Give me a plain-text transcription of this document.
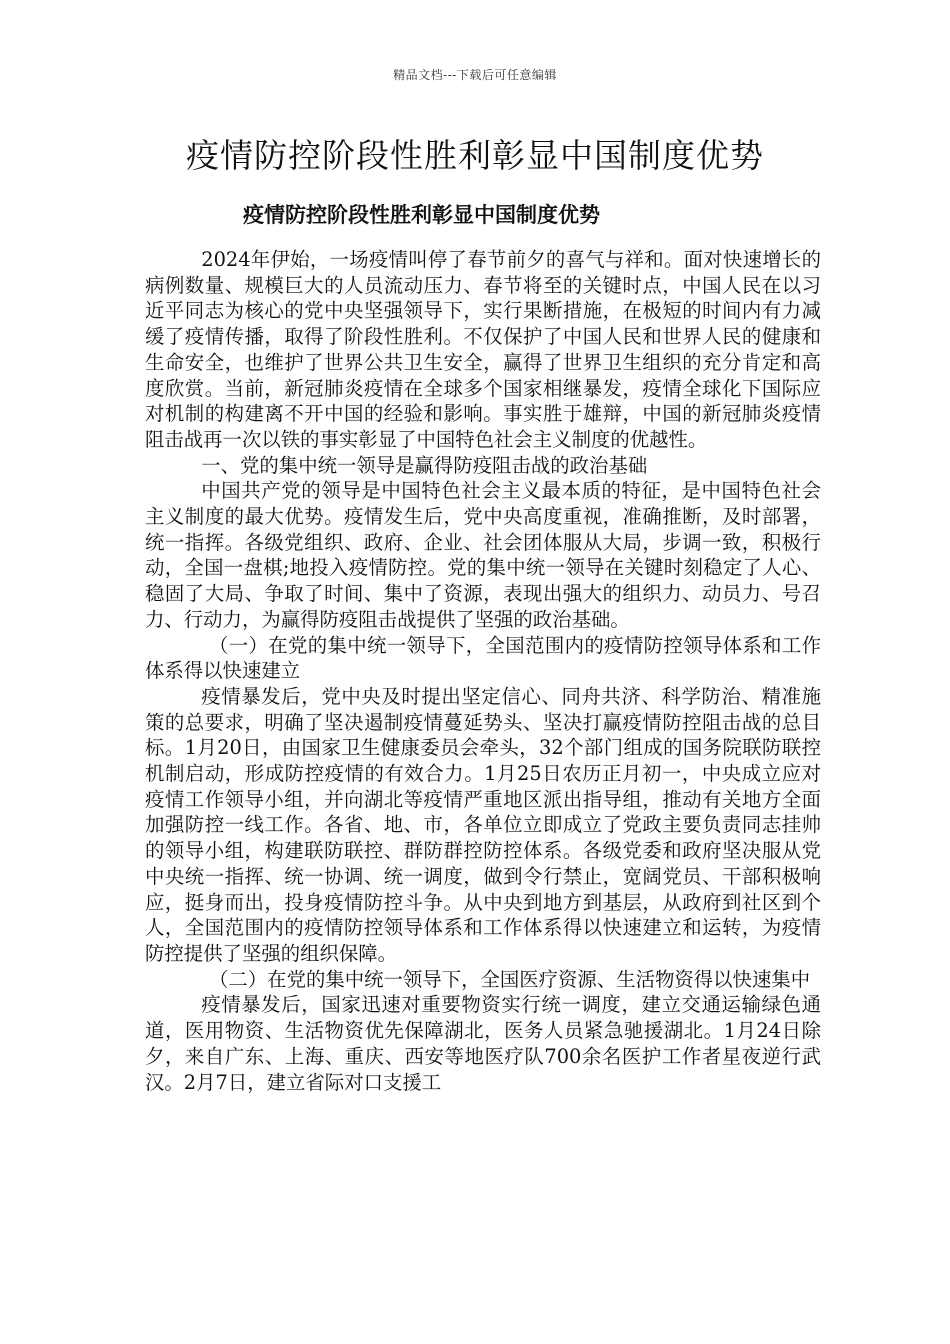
精品文档---下载后可任意编辑
疫情防控阶段性胜利彰显中国制度优势
疫情防控阶段性胜利彰显中国制度优势

2024年伊始，一场疫情叫停了春节前夕的喜气与祥和。面对快速增长的病例数量、规模巨大的人员流动压力、春节将至的关键时点，中国人民在以习近平同志为核心的党中央坚强领导下，实行果断措施，在极短的时间内有力减缓了疫情传播，取得了阶段性胜利。不仅保护了中国人民和世界人民的健康和生命安全，也维护了世界公共卫生安全，赢得了世界卫生组织的充分肯定和高度欣赏。当前，新冠肺炎疫情在全球多个国家相继暴发，疫情全球化下国际应对机制的构建离不开中国的经验和影响。事实胜于雄辩，中国的新冠肺炎疫情阻击战再一次以铁的事实彰显了中国特色社会主义制度的优越性。

一、党的集中统一领导是赢得防疫阻击战的政治基础

中国共产党的领导是中国特色社会主义最本质的特征，是中国特色社会主义制度的最大优势。疫情发生后，党中央高度重视，准确推断，及时部署，统一指挥。各级党组织、政府、企业、社会团体服从大局，步调一致，积极行动，全国一盘棋;地投入疫情防控。党的集中统一领导在关键时刻稳定了人心、稳固了大局、争取了时间、集中了资源，表现出强大的组织力、动员力、号召力、行动力，为赢得防疫阻击战提供了坚强的政治基础。

（一）在党的集中统一领导下，全国范围内的疫情防控领导体系和工作体系得以快速建立

疫情暴发后，党中央及时提出坚定信心、同舟共济、科学防治、精准施策的总要求，明确了坚决遏制疫情蔓延势头、坚决打赢疫情防控阻击战的总目标。1月20日，由国家卫生健康委员会牵头，32个部门组成的国务院联防联控机制启动，形成防控疫情的有效合力。1月25日农历正月初一，中央成立应对疫情工作领导小组，并向湖北等疫情严重地区派出指导组，推动有关地方全面加强防控一线工作。各省、地、市，各单位立即成立了党政主要负责同志挂帅的领导小组，构建联防联控、群防群控防控体系。各级党委和政府坚决服从党中央统一指挥、统一协调、统一调度，做到令行禁止，宽阔党员、干部积极响应，挺身而出，投身疫情防控斗争。从中央到地方到基层，从政府到社区到个人，全国范围内的疫情防控领导体系和工作体系得以快速建立和运转，为疫情防控提供了坚强的组织保障。

（二）在党的集中统一领导下，全国医疗资源、生活物资得以快速集中

疫情暴发后，国家迅速对重要物资实行统一调度，建立交通运输绿色通道，医用物资、生活物资优先保障湖北，医务人员紧急驰援湖北。1月24日除夕，来自广东、上海、重庆、西安等地医疗队700余名医护工作者星夜逆行武汉。2月7日，建立省际对口支援工
